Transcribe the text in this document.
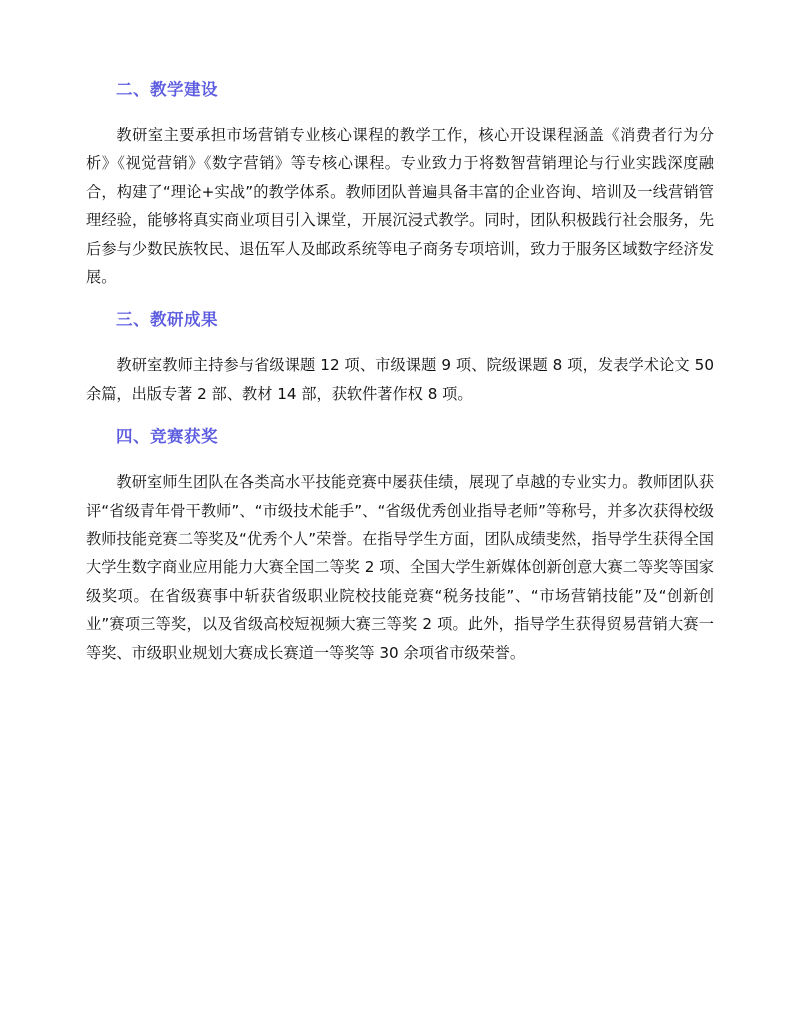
二、教学建设

教研室主要承担市场营销专业核心课程的教学工作，核心开设课程涵盖《消费者行为分析》《视觉营销》《数字营销》等专核心课程。专业致力于将数智营销理论与行业实践深度融合，构建了“理论+实战”的教学体系。教师团队普遍具备丰富的企业咨询、培训及一线营销管理经验，能够将真实商业项目引入课堂，开展沉浸式教学。同时，团队积极践行社会服务，先后参与少数民族牧民、退伍军人及邮政系统等电子商务专项培训，致力于服务区域数字经济发展。

三、教研成果

教研室教师主持参与省级课题 12 项、市级课题 9 项、院级课题 8 项，发表学术论文 50 余篇，出版专著 2 部、教材 14 部，获软件著作权 8 项。

四、竞赛获奖

教研室师生团队在各类高水平技能竞赛中屡获佳绩，展现了卓越的专业实力。教师团队获评“省级青年骨干教师”、“市级技术能手”、“省级优秀创业指导老师”等称号，并多次获得校级教师技能竞赛二等奖及“优秀个人”荣誉。在指导学生方面，团队成绩斐然，指导学生获得全国大学生数字商业应用能力大赛全国二等奖 2 项、全国大学生新媒体创新创意大赛二等奖等国家级奖项。在省级赛事中斩获省级职业院校技能竞赛“税务技能”、“市场营销技能”及“创新创业”赛项三等奖，以及省级高校短视频大赛三等奖 2 项。此外，指导学生获得贸易营销大赛一等奖、市级职业规划大赛成长赛道一等奖等 30 余项省市级荣誉。
